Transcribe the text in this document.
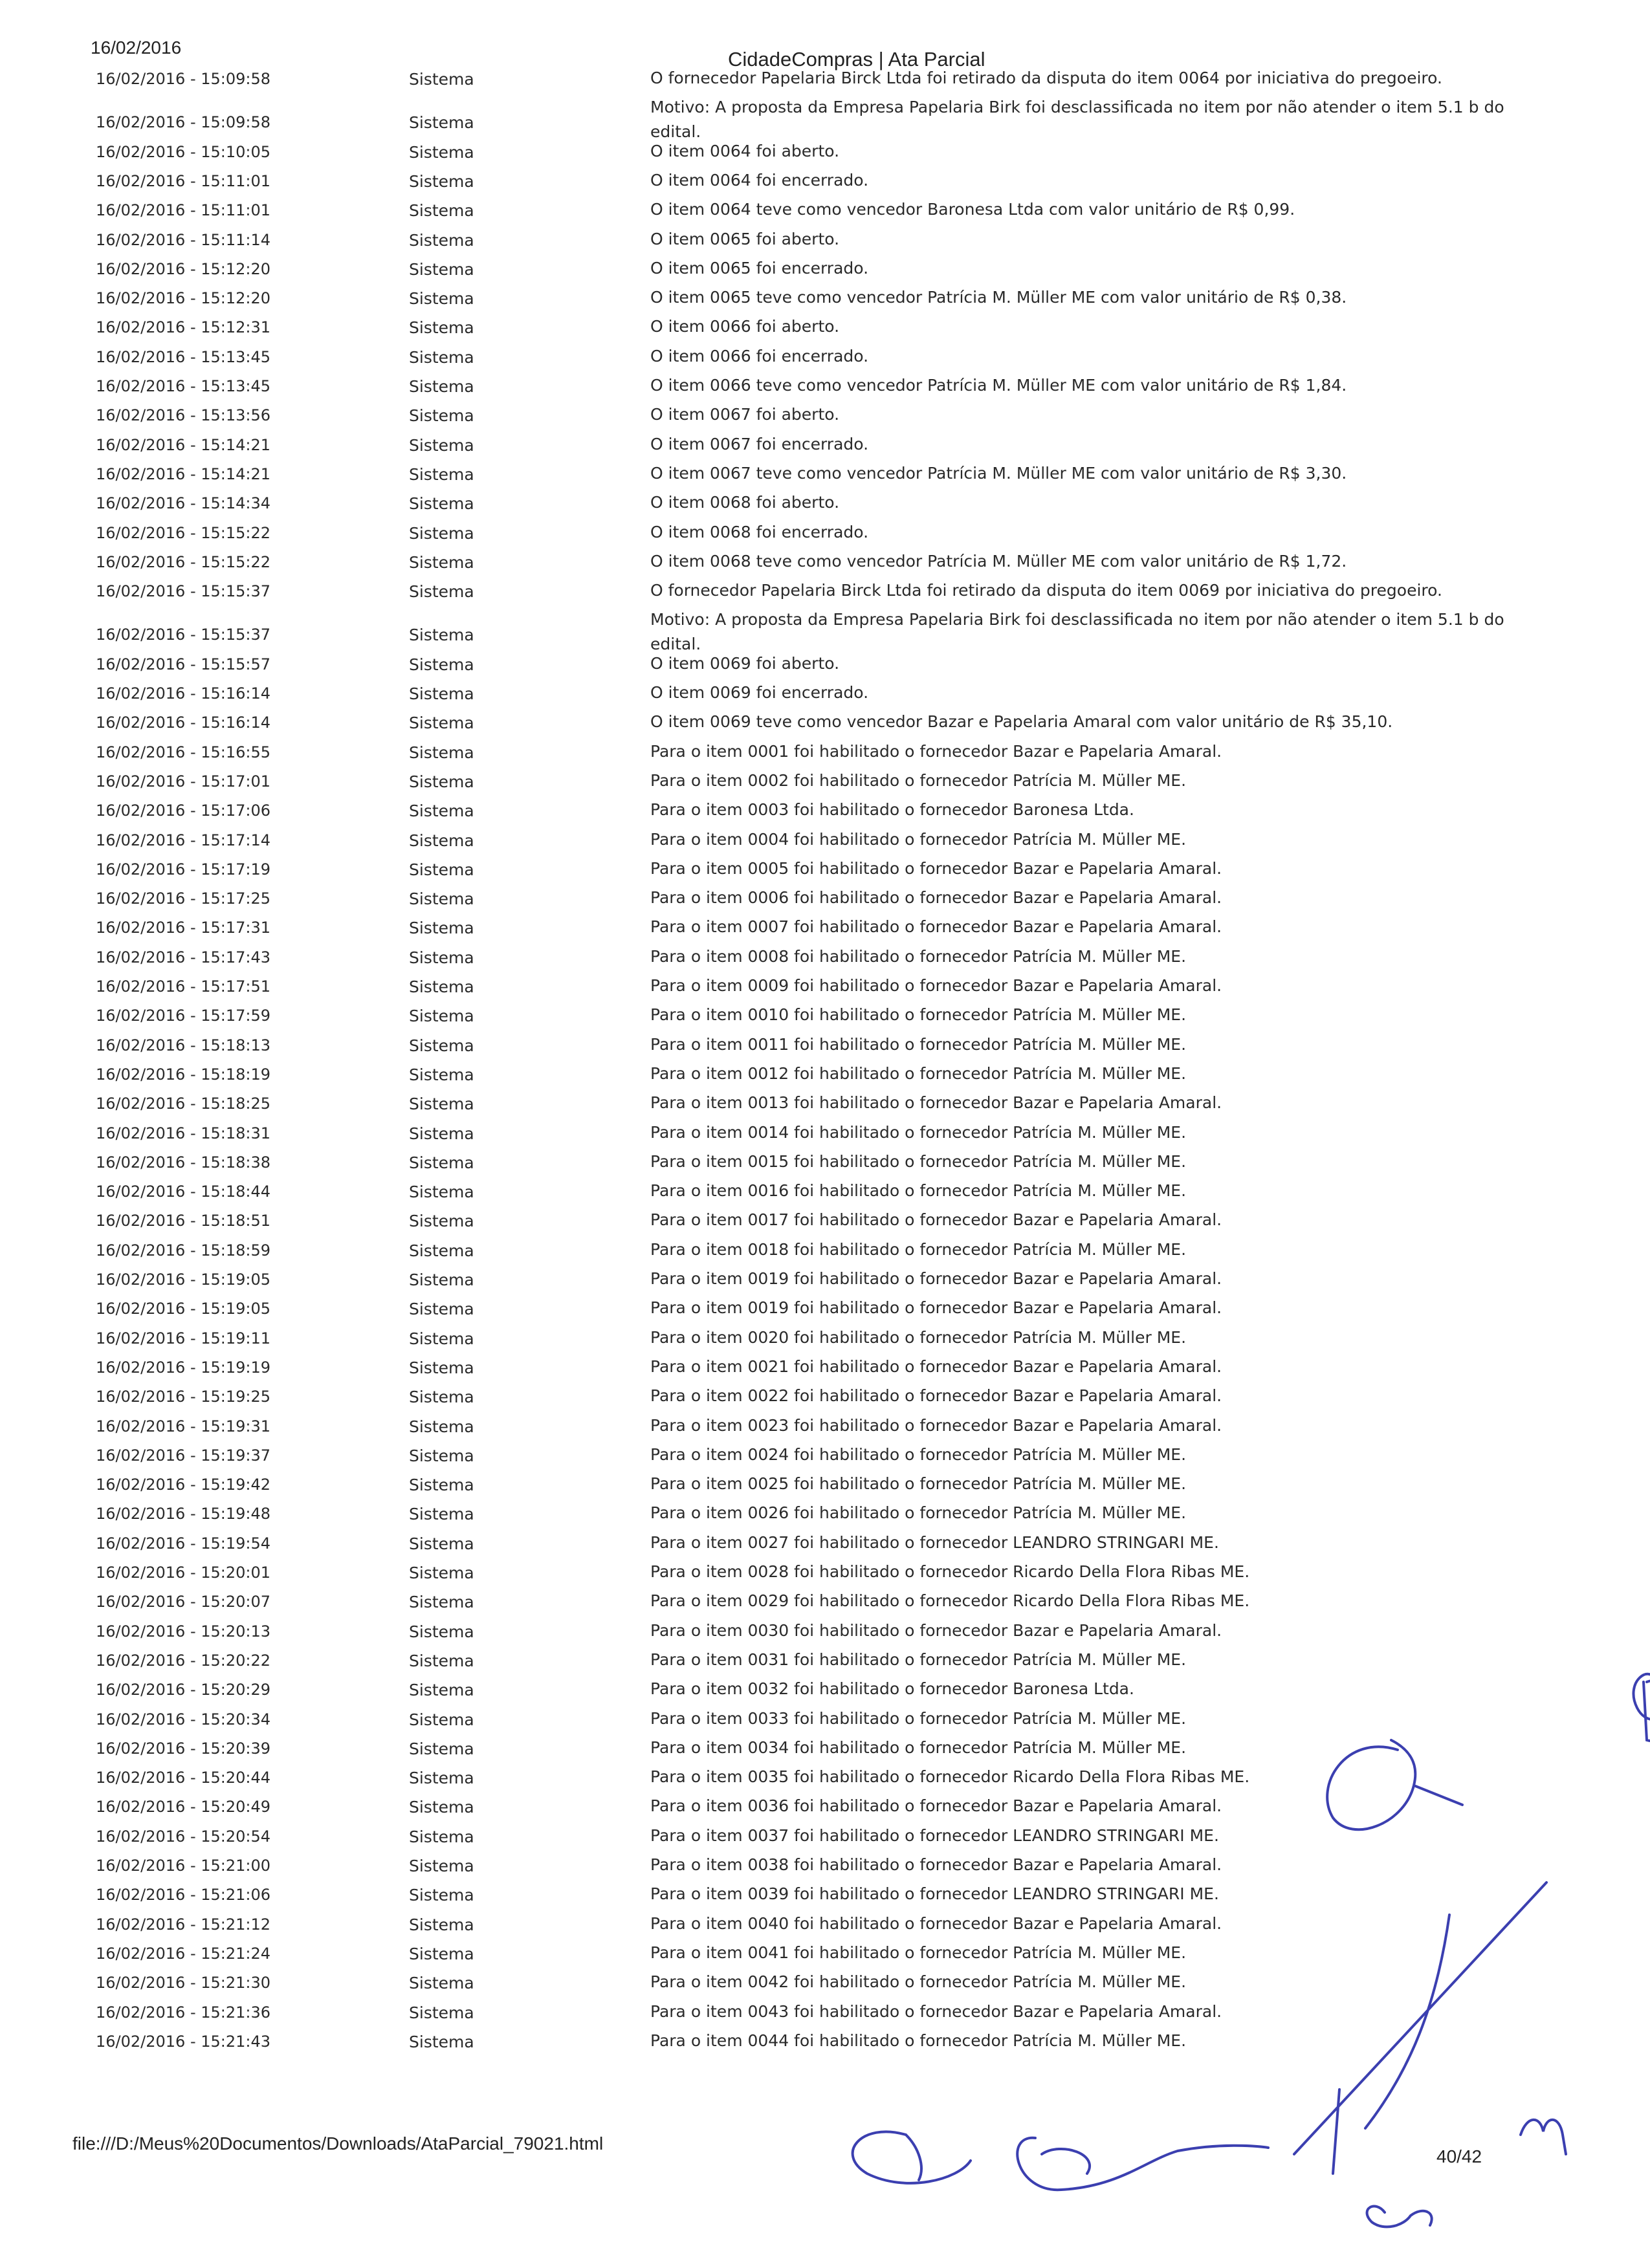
16/02/2016
CidadeCompras | Ata Parcial
16/02/2016 - 15:09:58	Sistema	O fornecedor Papelaria Birck Ltda foi retirado da disputa do item 0064 por iniciativa do pregoeiro.
16/02/2016 - 15:09:58	Sistema
Motivo: A proposta da Empresa Papelaria Birk foi desclassificada no item por não atender o item 5.1 b do edital.
16/02/2016 - 15:10:05	Sistema	O item 0064 foi aberto.
16/02/2016 - 15:11:01	Sistema	O item 0064 foi encerrado.
16/02/2016 - 15:11:01	Sistema	O item 0064 teve como vencedor Baronesa Ltda com valor unitário de R$ 0,99.
16/02/2016 - 15:11:14	Sistema	O item 0065 foi aberto.
16/02/2016 - 15:12:20	Sistema	O item 0065 foi encerrado.
16/02/2016 - 15:12:20	Sistema	O item 0065 teve como vencedor Patrícia M. Müller ME com valor unitário de R$ 0,38.
16/02/2016 - 15:12:31	Sistema	O item 0066 foi aberto.
16/02/2016 - 15:13:45	Sistema	O item 0066 foi encerrado.
16/02/2016 - 15:13:45	Sistema	O item 0066 teve como vencedor Patrícia M. Müller ME com valor unitário de R$ 1,84.
16/02/2016 - 15:13:56	Sistema	O item 0067 foi aberto.
16/02/2016 - 15:14:21	Sistema	O item 0067 foi encerrado.
16/02/2016 - 15:14:21	Sistema	O item 0067 teve como vencedor Patrícia M. Müller ME com valor unitário de R$ 3,30.
16/02/2016 - 15:14:34	Sistema	O item 0068 foi aberto.
16/02/2016 - 15:15:22	Sistema	O item 0068 foi encerrado.
16/02/2016 - 15:15:22	Sistema	O item 0068 teve como vencedor Patrícia M. Müller ME com valor unitário de R$ 1,72.
16/02/2016 - 15:15:37	Sistema	O fornecedor Papelaria Birck Ltda foi retirado da disputa do item 0069 por iniciativa do pregoeiro.
16/02/2016 - 15:15:37	Sistema
Motivo: A proposta da Empresa Papelaria Birk foi desclassificada no item por não atender o item 5.1 b do edital.
16/02/2016 - 15:15:57	Sistema	O item 0069 foi aberto.
16/02/2016 - 15:16:14	Sistema	O item 0069 foi encerrado.
16/02/2016 - 15:16:14	Sistema	O item 0069 teve como vencedor Bazar e Papelaria Amaral com valor unitário de R$ 35,10.
16/02/2016 - 15:16:55	Sistema	Para o item 0001 foi habilitado o fornecedor Bazar e Papelaria Amaral.
16/02/2016 - 15:17:01	Sistema	Para o item 0002 foi habilitado o fornecedor Patrícia M. Müller ME.
16/02/2016 - 15:17:06	Sistema	Para o item 0003 foi habilitado o fornecedor Baronesa Ltda.
16/02/2016 - 15:17:14	Sistema	Para o item 0004 foi habilitado o fornecedor Patrícia M. Müller ME.
16/02/2016 - 15:17:19	Sistema	Para o item 0005 foi habilitado o fornecedor Bazar e Papelaria Amaral.
16/02/2016 - 15:17:25	Sistema	Para o item 0006 foi habilitado o fornecedor Bazar e Papelaria Amaral.
16/02/2016 - 15:17:31	Sistema	Para o item 0007 foi habilitado o fornecedor Bazar e Papelaria Amaral.
16/02/2016 - 15:17:43	Sistema	Para o item 0008 foi habilitado o fornecedor Patrícia M. Müller ME.
16/02/2016 - 15:17:51	Sistema	Para o item 0009 foi habilitado o fornecedor Bazar e Papelaria Amaral.
16/02/2016 - 15:17:59	Sistema	Para o item 0010 foi habilitado o fornecedor Patrícia M. Müller ME.
16/02/2016 - 15:18:13	Sistema	Para o item 0011 foi habilitado o fornecedor Patrícia M. Müller ME.
16/02/2016 - 15:18:19	Sistema	Para o item 0012 foi habilitado o fornecedor Patrícia M. Müller ME.
16/02/2016 - 15:18:25	Sistema	Para o item 0013 foi habilitado o fornecedor Bazar e Papelaria Amaral.
16/02/2016 - 15:18:31	Sistema	Para o item 0014 foi habilitado o fornecedor Patrícia M. Müller ME.
16/02/2016 - 15:18:38	Sistema	Para o item 0015 foi habilitado o fornecedor Patrícia M. Müller ME.
16/02/2016 - 15:18:44	Sistema	Para o item 0016 foi habilitado o fornecedor Patrícia M. Müller ME.
16/02/2016 - 15:18:51	Sistema	Para o item 0017 foi habilitado o fornecedor Bazar e Papelaria Amaral.
16/02/2016 - 15:18:59	Sistema	Para o item 0018 foi habilitado o fornecedor Patrícia M. Müller ME.
16/02/2016 - 15:19:05	Sistema	Para o item 0019 foi habilitado o fornecedor Bazar e Papelaria Amaral.
16/02/2016 - 15:19:05	Sistema	Para o item 0019 foi habilitado o fornecedor Bazar e Papelaria Amaral.
16/02/2016 - 15:19:11	Sistema	Para o item 0020 foi habilitado o fornecedor Patrícia M. Müller ME.
16/02/2016 - 15:19:19	Sistema	Para o item 0021 foi habilitado o fornecedor Bazar e Papelaria Amaral.
16/02/2016 - 15:19:25	Sistema	Para o item 0022 foi habilitado o fornecedor Bazar e Papelaria Amaral.
16/02/2016 - 15:19:31	Sistema	Para o item 0023 foi habilitado o fornecedor Bazar e Papelaria Amaral.
16/02/2016 - 15:19:37	Sistema	Para o item 0024 foi habilitado o fornecedor Patrícia M. Müller ME.
16/02/2016 - 15:19:42	Sistema	Para o item 0025 foi habilitado o fornecedor Patrícia M. Müller ME.
16/02/2016 - 15:19:48	Sistema	Para o item 0026 foi habilitado o fornecedor Patrícia M. Müller ME.
16/02/2016 - 15:19:54	Sistema	Para o item 0027 foi habilitado o fornecedor LEANDRO STRINGARI ME.
16/02/2016 - 15:20:01	Sistema	Para o item 0028 foi habilitado o fornecedor Ricardo Della Flora Ribas ME.
16/02/2016 - 15:20:07	Sistema	Para o item 0029 foi habilitado o fornecedor Ricardo Della Flora Ribas ME.
16/02/2016 - 15:20:13	Sistema	Para o item 0030 foi habilitado o fornecedor Bazar e Papelaria Amaral.
16/02/2016 - 15:20:22	Sistema	Para o item 0031 foi habilitado o fornecedor Patrícia M. Müller ME.
16/02/2016 - 15:20:29	Sistema	Para o item 0032 foi habilitado o fornecedor Baronesa Ltda.
16/02/2016 - 15:20:34	Sistema	Para o item 0033 foi habilitado o fornecedor Patrícia M. Müller ME.
16/02/2016 - 15:20:39	Sistema	Para o item 0034 foi habilitado o fornecedor Patrícia M. Müller ME.
16/02/2016 - 15:20:44	Sistema	Para o item 0035 foi habilitado o fornecedor Ricardo Della Flora Ribas ME.
16/02/2016 - 15:20:49	Sistema	Para o item 0036 foi habilitado o fornecedor Bazar e Papelaria Amaral.
16/02/2016 - 15:20:54	Sistema	Para o item 0037 foi habilitado o fornecedor LEANDRO STRINGARI ME.
16/02/2016 - 15:21:00	Sistema	Para o item 0038 foi habilitado o fornecedor Bazar e Papelaria Amaral.
16/02/2016 - 15:21:06	Sistema	Para o item 0039 foi habilitado o fornecedor LEANDRO STRINGARI ME.
16/02/2016 - 15:21:12	Sistema	Para o item 0040 foi habilitado o fornecedor Bazar e Papelaria Amaral.
16/02/2016 - 15:21:24	Sistema	Para o item 0041 foi habilitado o fornecedor Patrícia M. Müller ME.
16/02/2016 - 15:21:30	Sistema	Para o item 0042 foi habilitado o fornecedor Patrícia M. Müller ME.
16/02/2016 - 15:21:36	Sistema	Para o item 0043 foi habilitado o fornecedor Bazar e Papelaria Amaral.
16/02/2016 - 15:21:43	Sistema	Para o item 0044 foi habilitado o fornecedor Patrícia M. Müller ME.
file:///D:/Meus%20Documentos/Downloads/AtaParcial_79021.html
40/42
